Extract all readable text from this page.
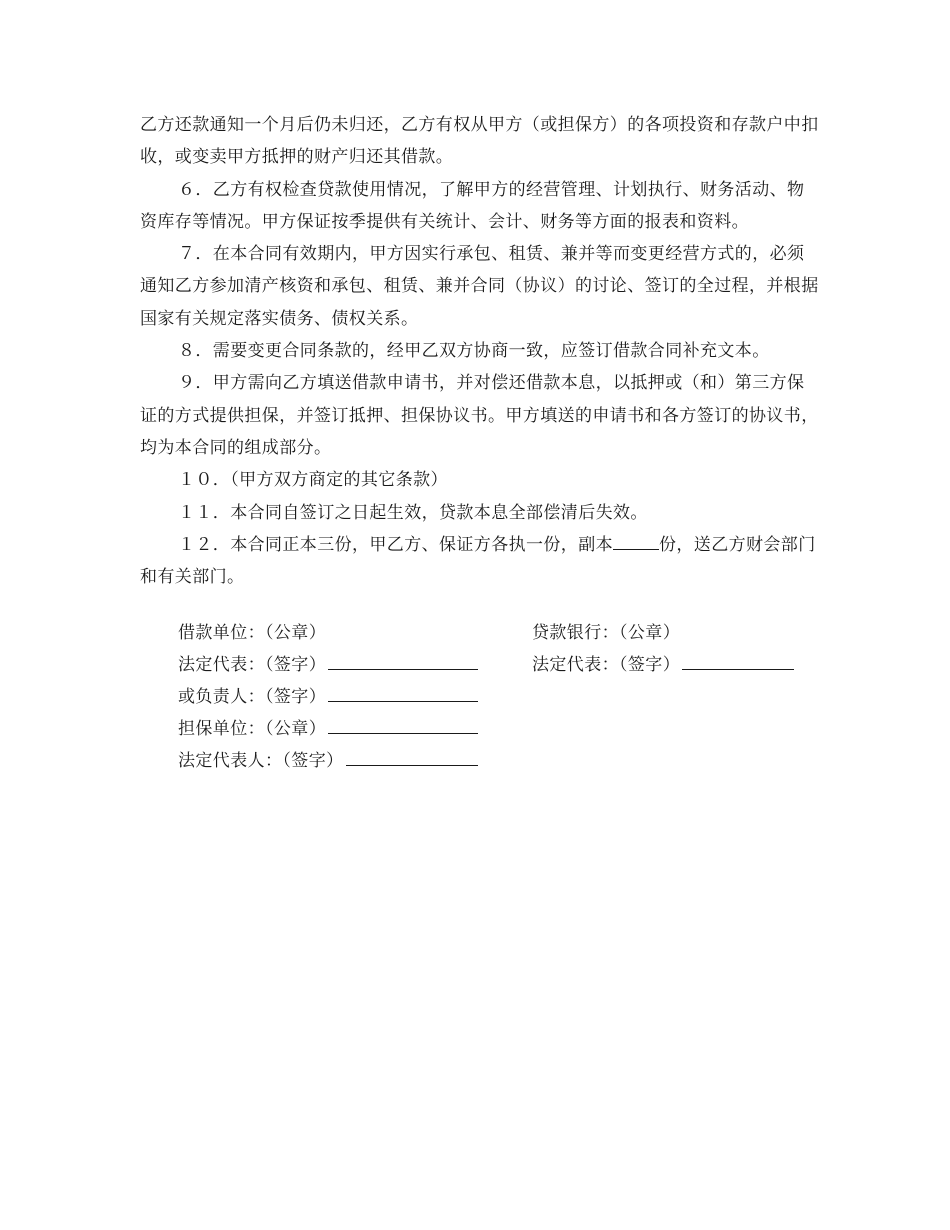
乙方还款通知一个月后仍未归还，乙方有权从甲方（或担保方）的各项投资和存款户中扣收，或变卖甲方抵押的财产归还其借款。

６．乙方有权检查贷款使用情况，了解甲方的经营管理、计划执行、财务活动、物资库存等情况。甲方保证按季提供有关统计、会计、财务等方面的报表和资料。

７．在本合同有效期内，甲方因实行承包、租赁、兼并等而变更经营方式的，必须通知乙方参加清产核资和承包、租赁、兼并合同（协议）的讨论、签订的全过程，并根据国家有关规定落实债务、债权关系。

８．需要变更合同条款的，经甲乙双方协商一致，应签订借款合同补充文本。

９．甲方需向乙方填送借款申请书，并对偿还借款本息，以抵押或（和）第三方保证的方式提供担保，并签订抵押、担保协议书。甲方填送的申请书和各方签订的协议书，均为本合同的组成部分。

１０．（甲方双方商定的其它条款）

１１．本合同自签订之日起生效，贷款本息全部偿清后失效。

１２．本合同正本三份，甲乙方、保证方各执一份，副本	份，送乙方财会部门和有关部门。

借款单位：（公章）	贷款银行：（公章）
法定代表：（签字）	法定代表：（签字）
或负责人：（签字）
担保单位：（公章）
法定代表人：（签字）
